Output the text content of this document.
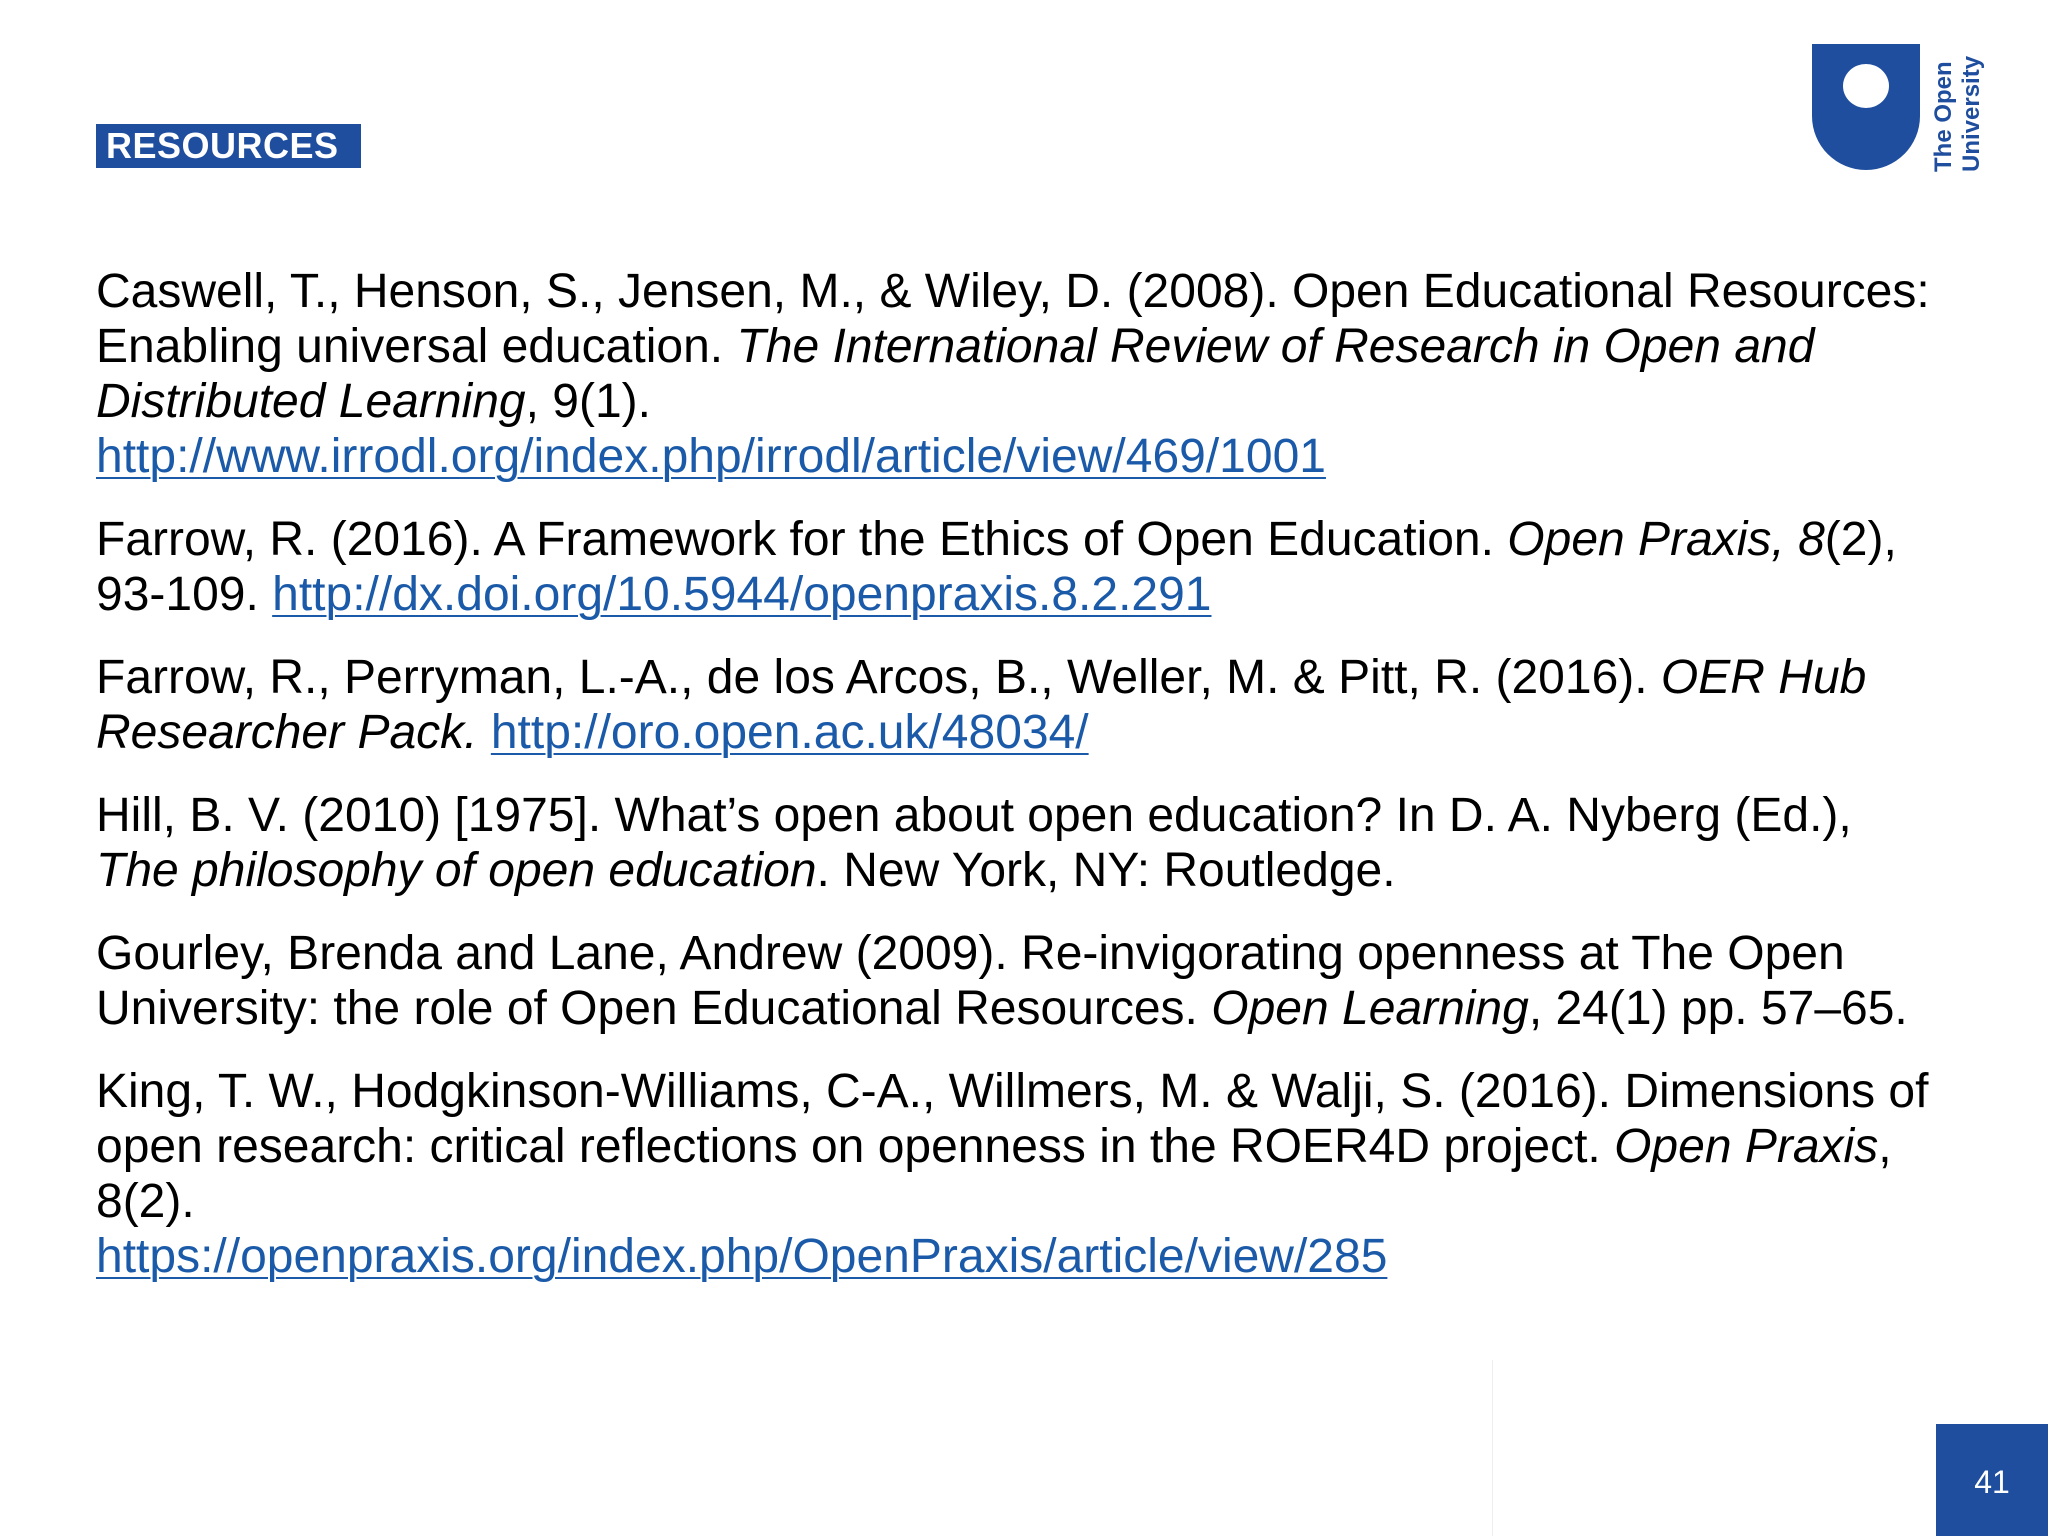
RESOURCES	The Open University

Caswell, T., Henson, S., Jensen, M., & Wiley, D. (2008). Open Educational Resources: Enabling universal education. The International Review of Research in Open and Distributed Learning, 9(1).
http://www.irrodl.org/index.php/irrodl/article/view/469/1001

Farrow, R. (2016). A Framework for the Ethics of Open Education. Open Praxis, 8(2), 93-109. http://dx.doi.org/10.5944/openpraxis.8.2.291

Farrow, R., Perryman, L.-A., de los Arcos, B., Weller, M. & Pitt, R. (2016). OER Hub Researcher Pack. http://oro.open.ac.uk/48034/

Hill, B. V. (2010) [1975]. What’s open about open education? In D. A. Nyberg (Ed.), The philosophy of open education. New York, NY: Routledge.

Gourley, Brenda and Lane, Andrew (2009). Re-invigorating openness at The Open University: the role of Open Educational Resources. Open Learning, 24(1) pp. 57–65.

King, T. W., Hodgkinson-Williams, C-A., Willmers, M. & Walji, S. (2016). Dimensions of open research: critical reflections on openness in the ROER4D project. Open Praxis, 8(2).
https://openpraxis.org/index.php/OpenPraxis/article/view/285

41
